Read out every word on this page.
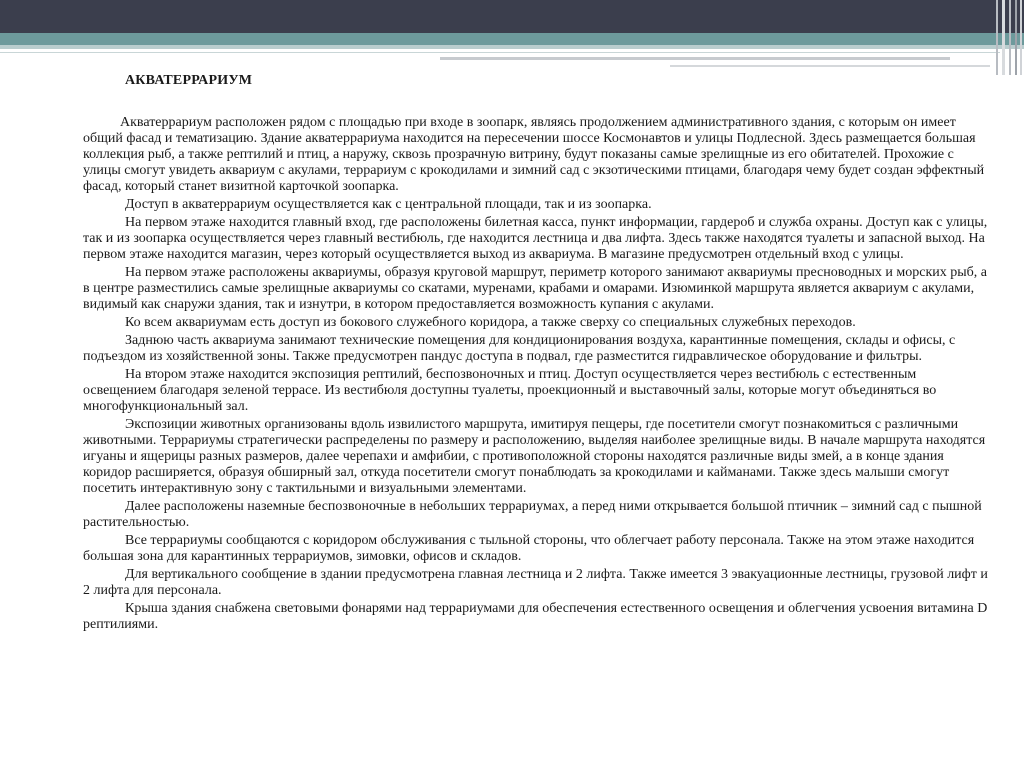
АКВАТЕРРАРИУМ

Акватеррариум расположен рядом с площадью при входе в зоопарк, являясь продолжением административного здания, с которым он имеет общий фасад и тематизацию. Здание акватеррариума находится на пересечении шоссе Космонавтов и улицы Подлесной. Здесь размещается большая коллекция рыб, а также рептилий и птиц, а наружу, сквозь прозрачную витрину, будут показаны самые зрелищные из его обитателей. Прохожие с улицы смогут увидеть аквариум с акулами, террариум с крокодилами и зимний сад с экзотическими птицами, благодаря чему будет создан эффектный фасад, который станет визитной карточкой зоопарка.

Доступ в акватеррариум осуществляется как с центральной площади, так и из зоопарка.

На первом этаже находится главный вход, где расположены билетная касса, пункт информации, гардероб и служба охраны. Доступ как с улицы, так и из зоопарка осуществляется через главный вестибюль, где находится лестница и два лифта. Здесь также находятся туалеты и запасной выход. На первом этаже находится магазин, через который осуществляется выход из аквариума. В магазине предусмотрен отдельный вход с улицы.

На первом этаже расположены аквариумы, образуя круговой маршрут, периметр которого занимают аквариумы пресноводных и морских рыб, а в центре разместились самые зрелищные аквариумы со скатами, муренами, крабами и омарами. Изюминкой маршрута является аквариум с акулами, видимый как снаружи здания, так и изнутри, в котором предоставляется возможность купания с акулами.

Ко всем аквариумам есть доступ из бокового служебного коридора, а также сверху со специальных служебных переходов.

Заднюю часть аквариума занимают технические помещения для кондиционирования воздуха, карантинные помещения, склады и офисы, с подъездом из хозяйственной зоны. Также предусмотрен пандус доступа в подвал, где разместится гидравлическое оборудование и фильтры.

На втором этаже находится экспозиция рептилий, беспозвоночных и птиц. Доступ осуществляется через вестибюль с естественным освещением благодаря зеленой террасе. Из вестибюля доступны туалеты, проекционный и выставочный залы, которые могут объединяться во многофункциональный зал.

Экспозиции животных организованы вдоль извилистого маршрута, имитируя пещеры, где посетители смогут познакомиться с различными животными. Террариумы стратегически распределены по размеру и расположению, выделяя наиболее зрелищные виды. В начале маршрута находятся игуаны и ящерицы разных размеров, далее черепахи и амфибии, с противоположной стороны находятся различные виды змей, а в конце здания коридор расширяется, образуя обширный зал, откуда посетители смогут понаблюдать за крокодилами и кайманами. Также здесь малыши смогут посетить интерактивную зону с тактильными и визуальными элементами.

Далее расположены наземные беспозвоночные в небольших террариумах, а перед ними открывается большой птичник – зимний сад с пышной растительностью.

Все террариумы сообщаются с коридором обслуживания с тыльной стороны, что облегчает работу персонала. Также на этом этаже находится большая зона для карантинных террариумов, зимовки, офисов и складов.

Для вертикального сообщение в здании предусмотрена главная лестница и 2 лифта. Также имеется 3 эвакуационные лестницы, грузовой лифт и 2 лифта для персонала.

Крыша здания снабжена световыми фонарями над террариумами для обеспечения естественного освещения и облегчения усвоения витамина D рептилиями.
